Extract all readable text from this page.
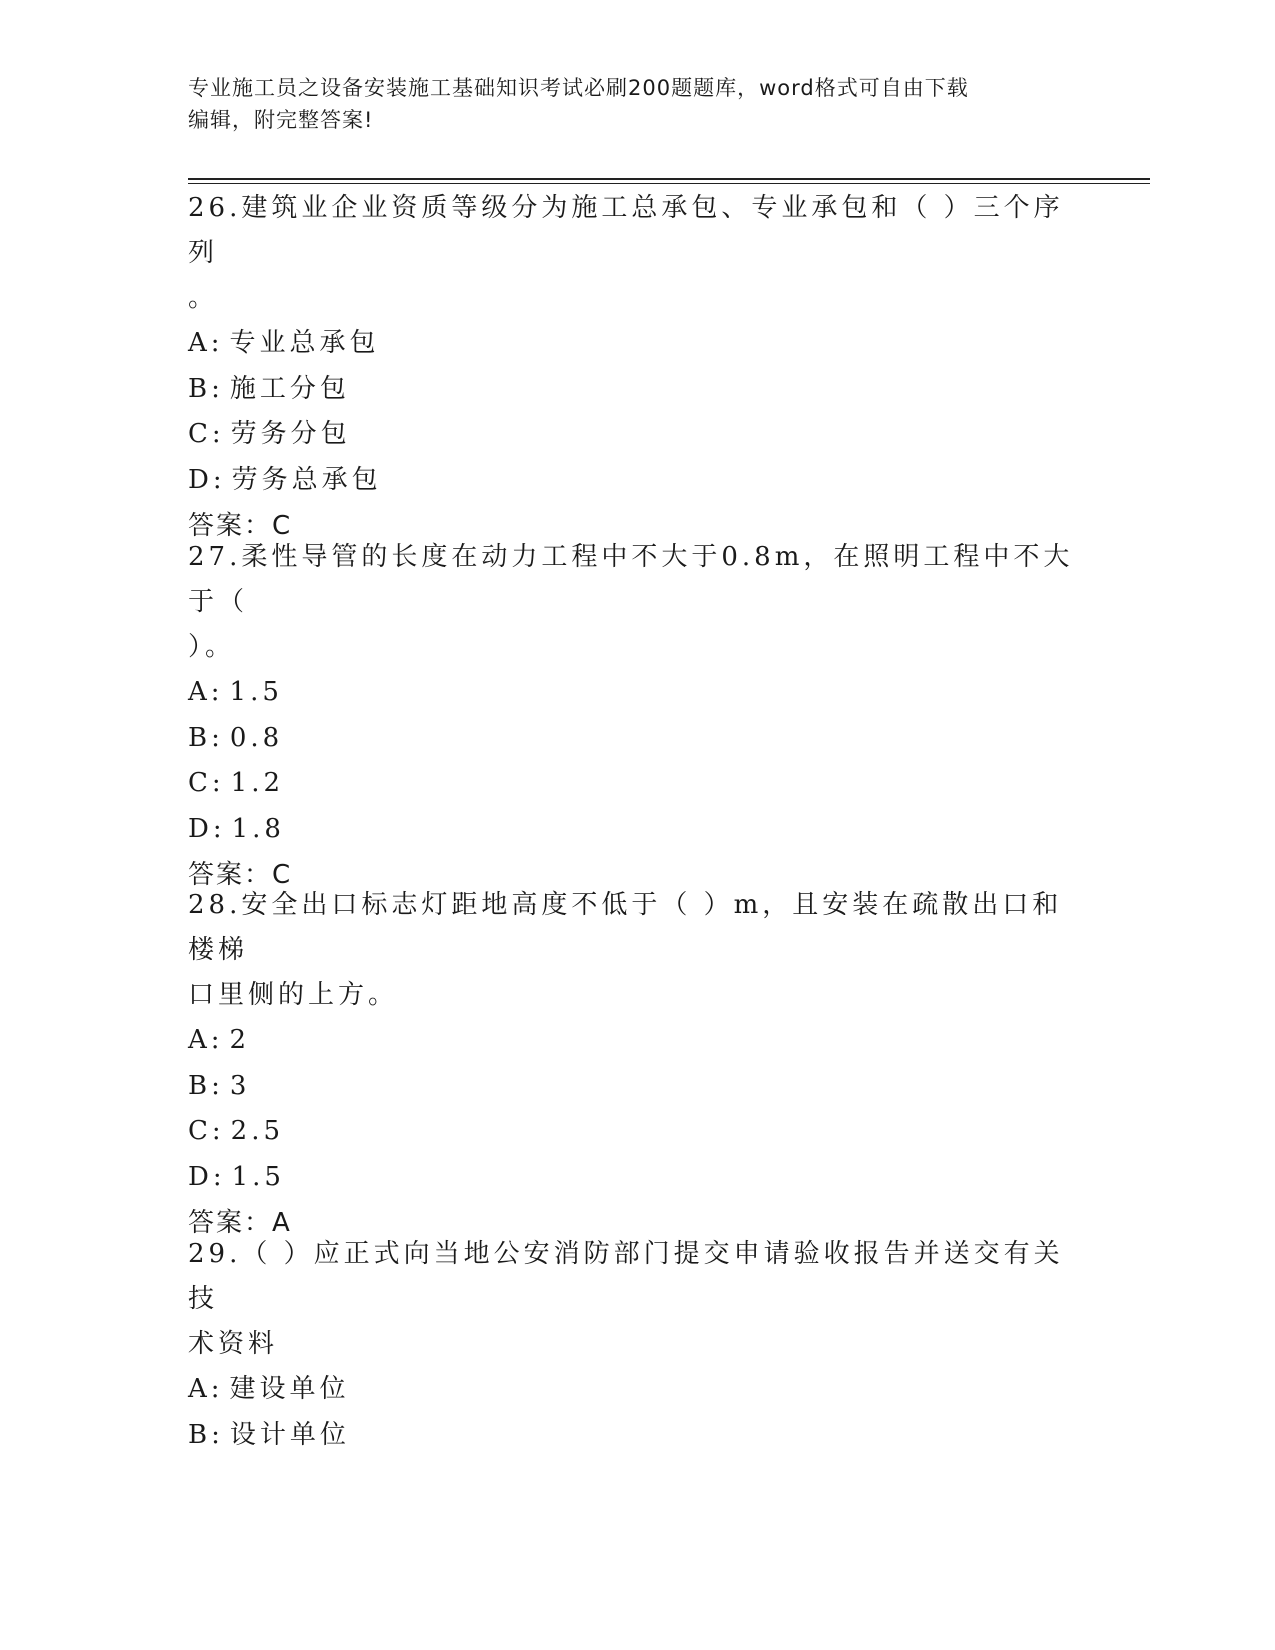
专业施工员之设备安装施工基础知识考试必刷200题题库，word格式可自由下载
编辑，附完整答案!
26.建筑业企业资质等级分为施工总承包、专业承包和（ ）三个序列
。
A: 专业总承包
B: 施工分包
C: 劳务分包
D: 劳务总承包
答案：C
27.柔性导管的长度在动力工程中不大于0.8m，在照明工程中不大于（
）。
A: 1.5
B: 0.8
C: 1.2
D: 1.8
答案：C
28.安全出口标志灯距地高度不低于（ ）m，且安装在疏散出口和楼梯
口里侧的上方。
A: 2
B: 3
C: 2.5
D: 1.5
答案：A
29.（ ）应正式向当地公安消防部门提交申请验收报告并送交有关技
术资料
A: 建设单位
B: 设计单位
